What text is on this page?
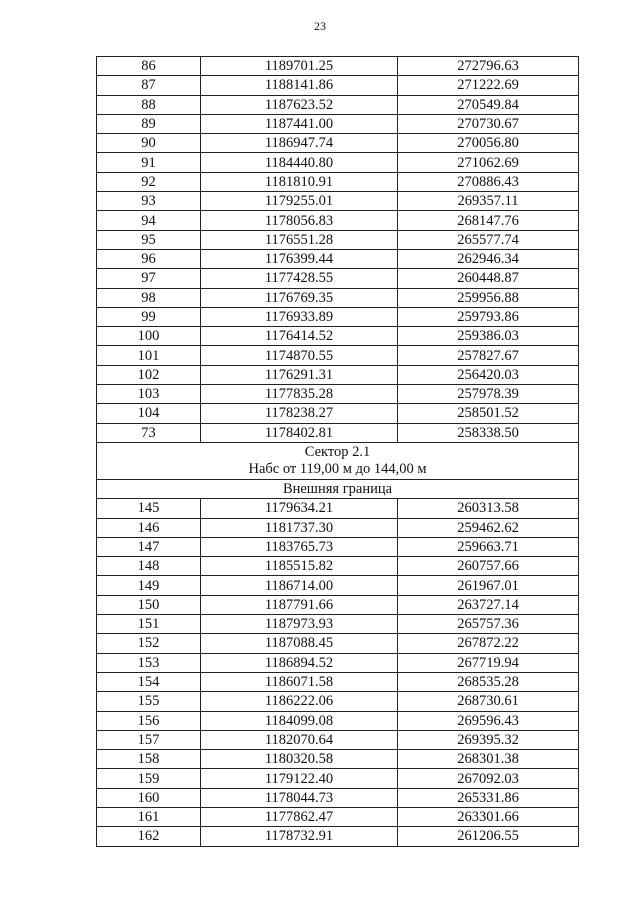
23
86	1189701.25	272796.63
87	1188141.86	271222.69
88	1187623.52	270549.84
89	1187441.00	270730.67
90	1186947.74	270056.80
91	1184440.80	271062.69
92	1181810.91	270886.43
93	1179255.01	269357.11
94	1178056.83	268147.76
95	1176551.28	265577.74
96	1176399.44	262946.34
97	1177428.55	260448.87
98	1176769.35	259956.88
99	1176933.89	259793.86
100	1176414.52	259386.03
101	1174870.55	257827.67
102	1176291.31	256420.03
103	1177835.28	257978.39
104	1178238.27	258501.52
73	1178402.81	258338.50

Сектор 2.1
Набс от 119,00 м до 144,00 м		

Внешняя граница		
145	1179634.21	260313.58
146	1181737.30	259462.62
147	1183765.73	259663.71
148	1185515.82	260757.66
149	1186714.00	261967.01
150	1187791.66	263727.14
151	1187973.93	265757.36
152	1187088.45	267872.22
153	1186894.52	267719.94
154	1186071.58	268535.28
155	1186222.06	268730.61
156	1184099.08	269596.43
157	1182070.64	269395.32
158	1180320.58	268301.38
159	1179122.40	267092.03
160	1178044.73	265331.86
161	1177862.47	263301.66
162	1178732.91	261206.55
